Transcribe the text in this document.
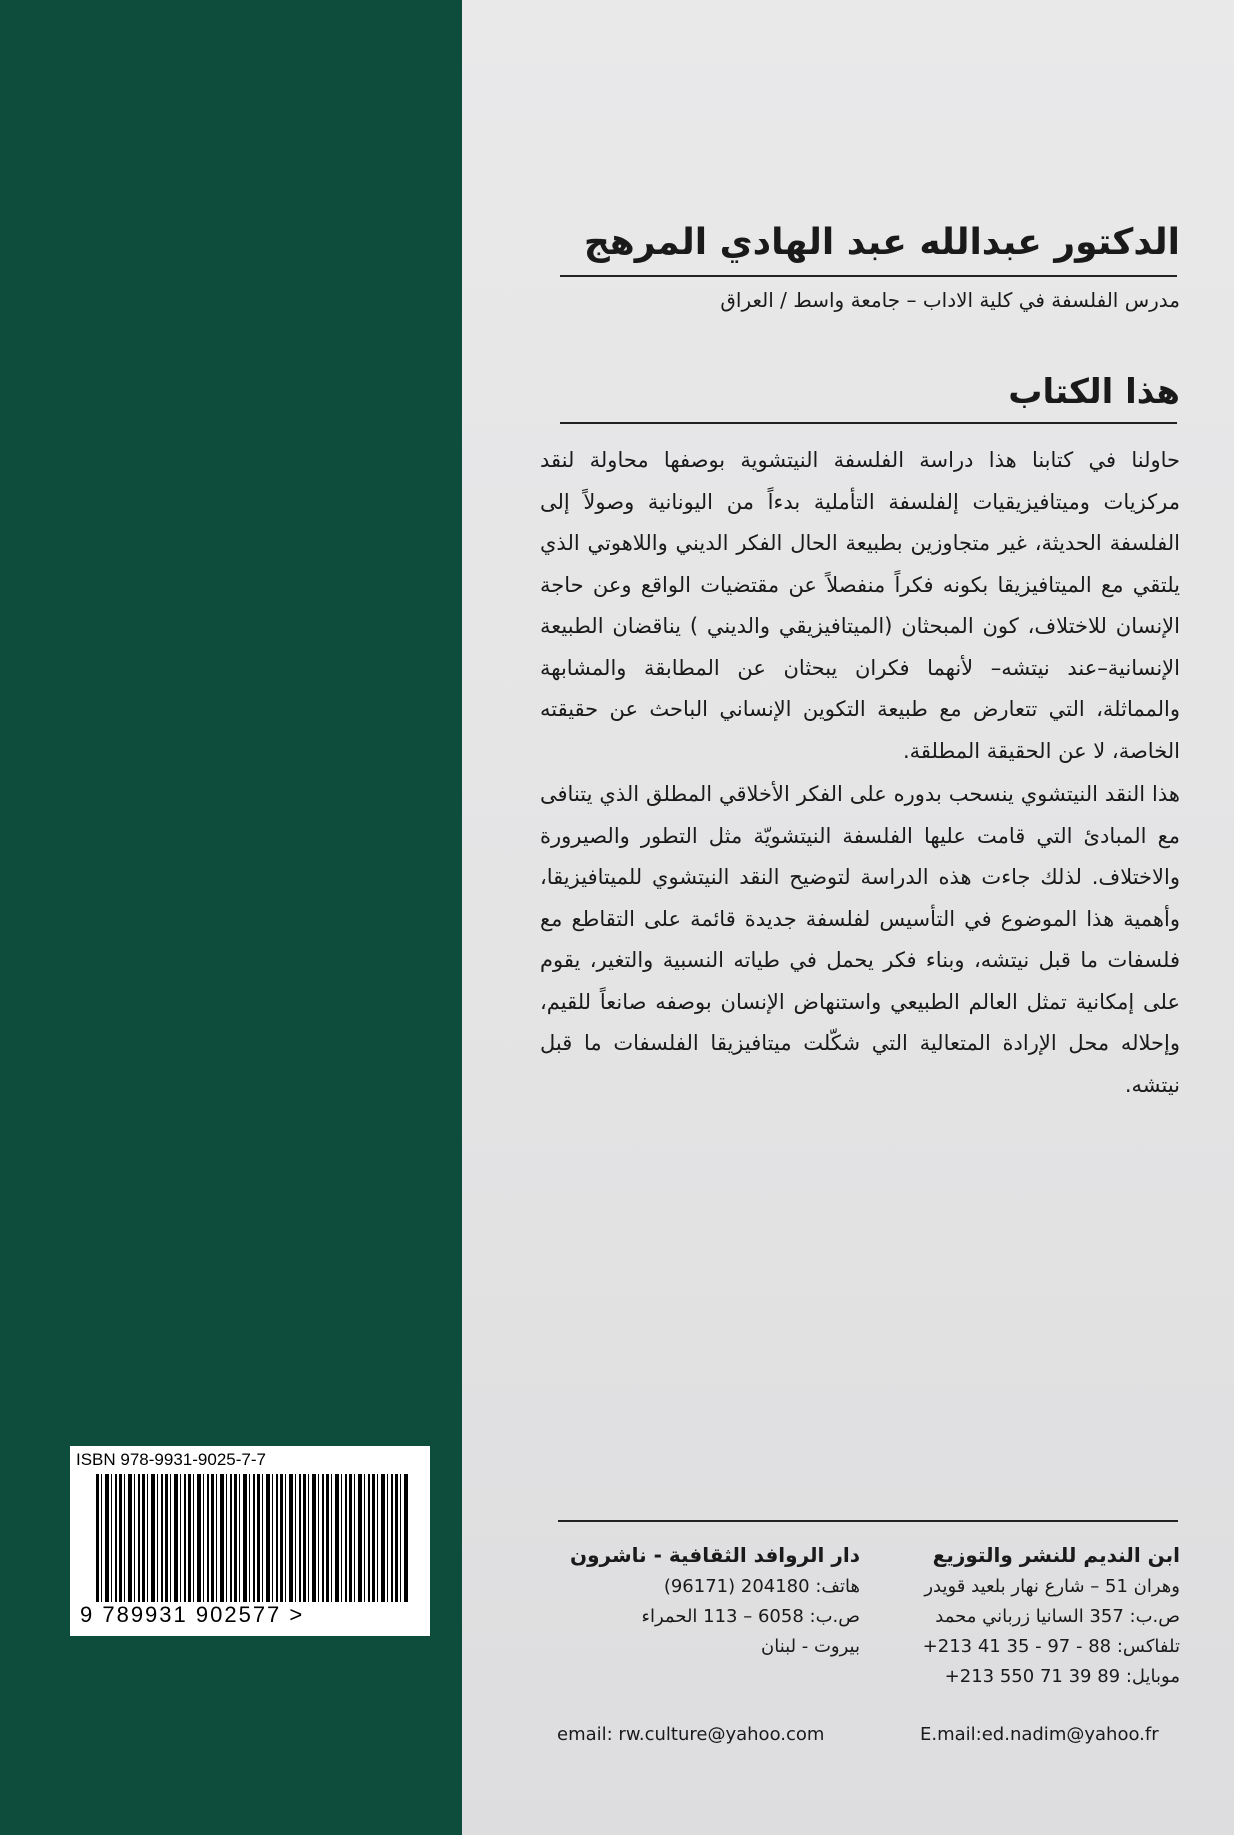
الدكتور عبدالله عبد الهادي المرهج
مدرس الفلسفة في كلية الاداب – جامعة واسط / العراق
هذا الكتاب

حاولنا في كتابنا هذا دراسة الفلسفة النيتشوية بوصفها محاولة لنقد مركزيات وميتافيزيقيات إلفلسفة التأملية بدءاً من اليونانية وصولاً إلى الفلسفة الحديثة، غير متجاوزين بطبيعة الحال الفكر الديني واللاهوتي الذي يلتقي مع الميتافيزيقا بكونه فكراً منفصلاً عن مقتضيات الواقع وعن حاجة الإنسان للاختلاف، كون المبحثان (الميتافيزيقي والديني ) يناقضان الطبيعة الإنسانية–عند نيتشه– لأنهما فكران يبحثان عن المطابقة والمشابهة والمماثلة، التي تتعارض مع طبيعة التكوين الإنساني الباحث عن حقيقته الخاصة، لا عن الحقيقة المطلقة.

هذا النقد النيتشوي ينسحب بدوره على الفكر الأخلاقي المطلق الذي يتنافى مع المبادئ التي قامت عليها الفلسفة النيتشويّة مثل التطور والصيرورة والاختلاف. لذلك جاءت هذه الدراسة لتوضيح النقد النيتشوي للميتافيزيقا، وأهمية هذا الموضوع في التأسيس لفلسفة جديدة قائمة على التقاطع مع فلسفات ما قبل نيتشه، وبناء فكر يحمل في طياته النسبية والتغير، يقوم على إمكانية تمثل العالم الطبيعي واستنهاض الإنسان بوصفه صانعاً للقيم، وإحلاله محل الإرادة المتعالية التي شكّلت ميتافيزيقا الفلسفات ما قبل نيتشه.

ISBN 978-9931-9025-7-7
9 789931 902577 >
ابن النديم للنشر والتوزيع
وهران 51 – شارع نهار بلعيد قويدر
ص.ب: 357 السانيا زرباني محمد
تلفاكس: 88 - 97 - 35 41 213+
موبايل: 89 39 71 550 213+
E.mail:ed.nadim@yahoo.fr
دار الروافد الثقافية - ناشرون
هاتف: 204180 (96171)
ص.ب: 6058 – 113 الحمراء
بيروت - لبنان
email: rw.culture@yahoo.com
